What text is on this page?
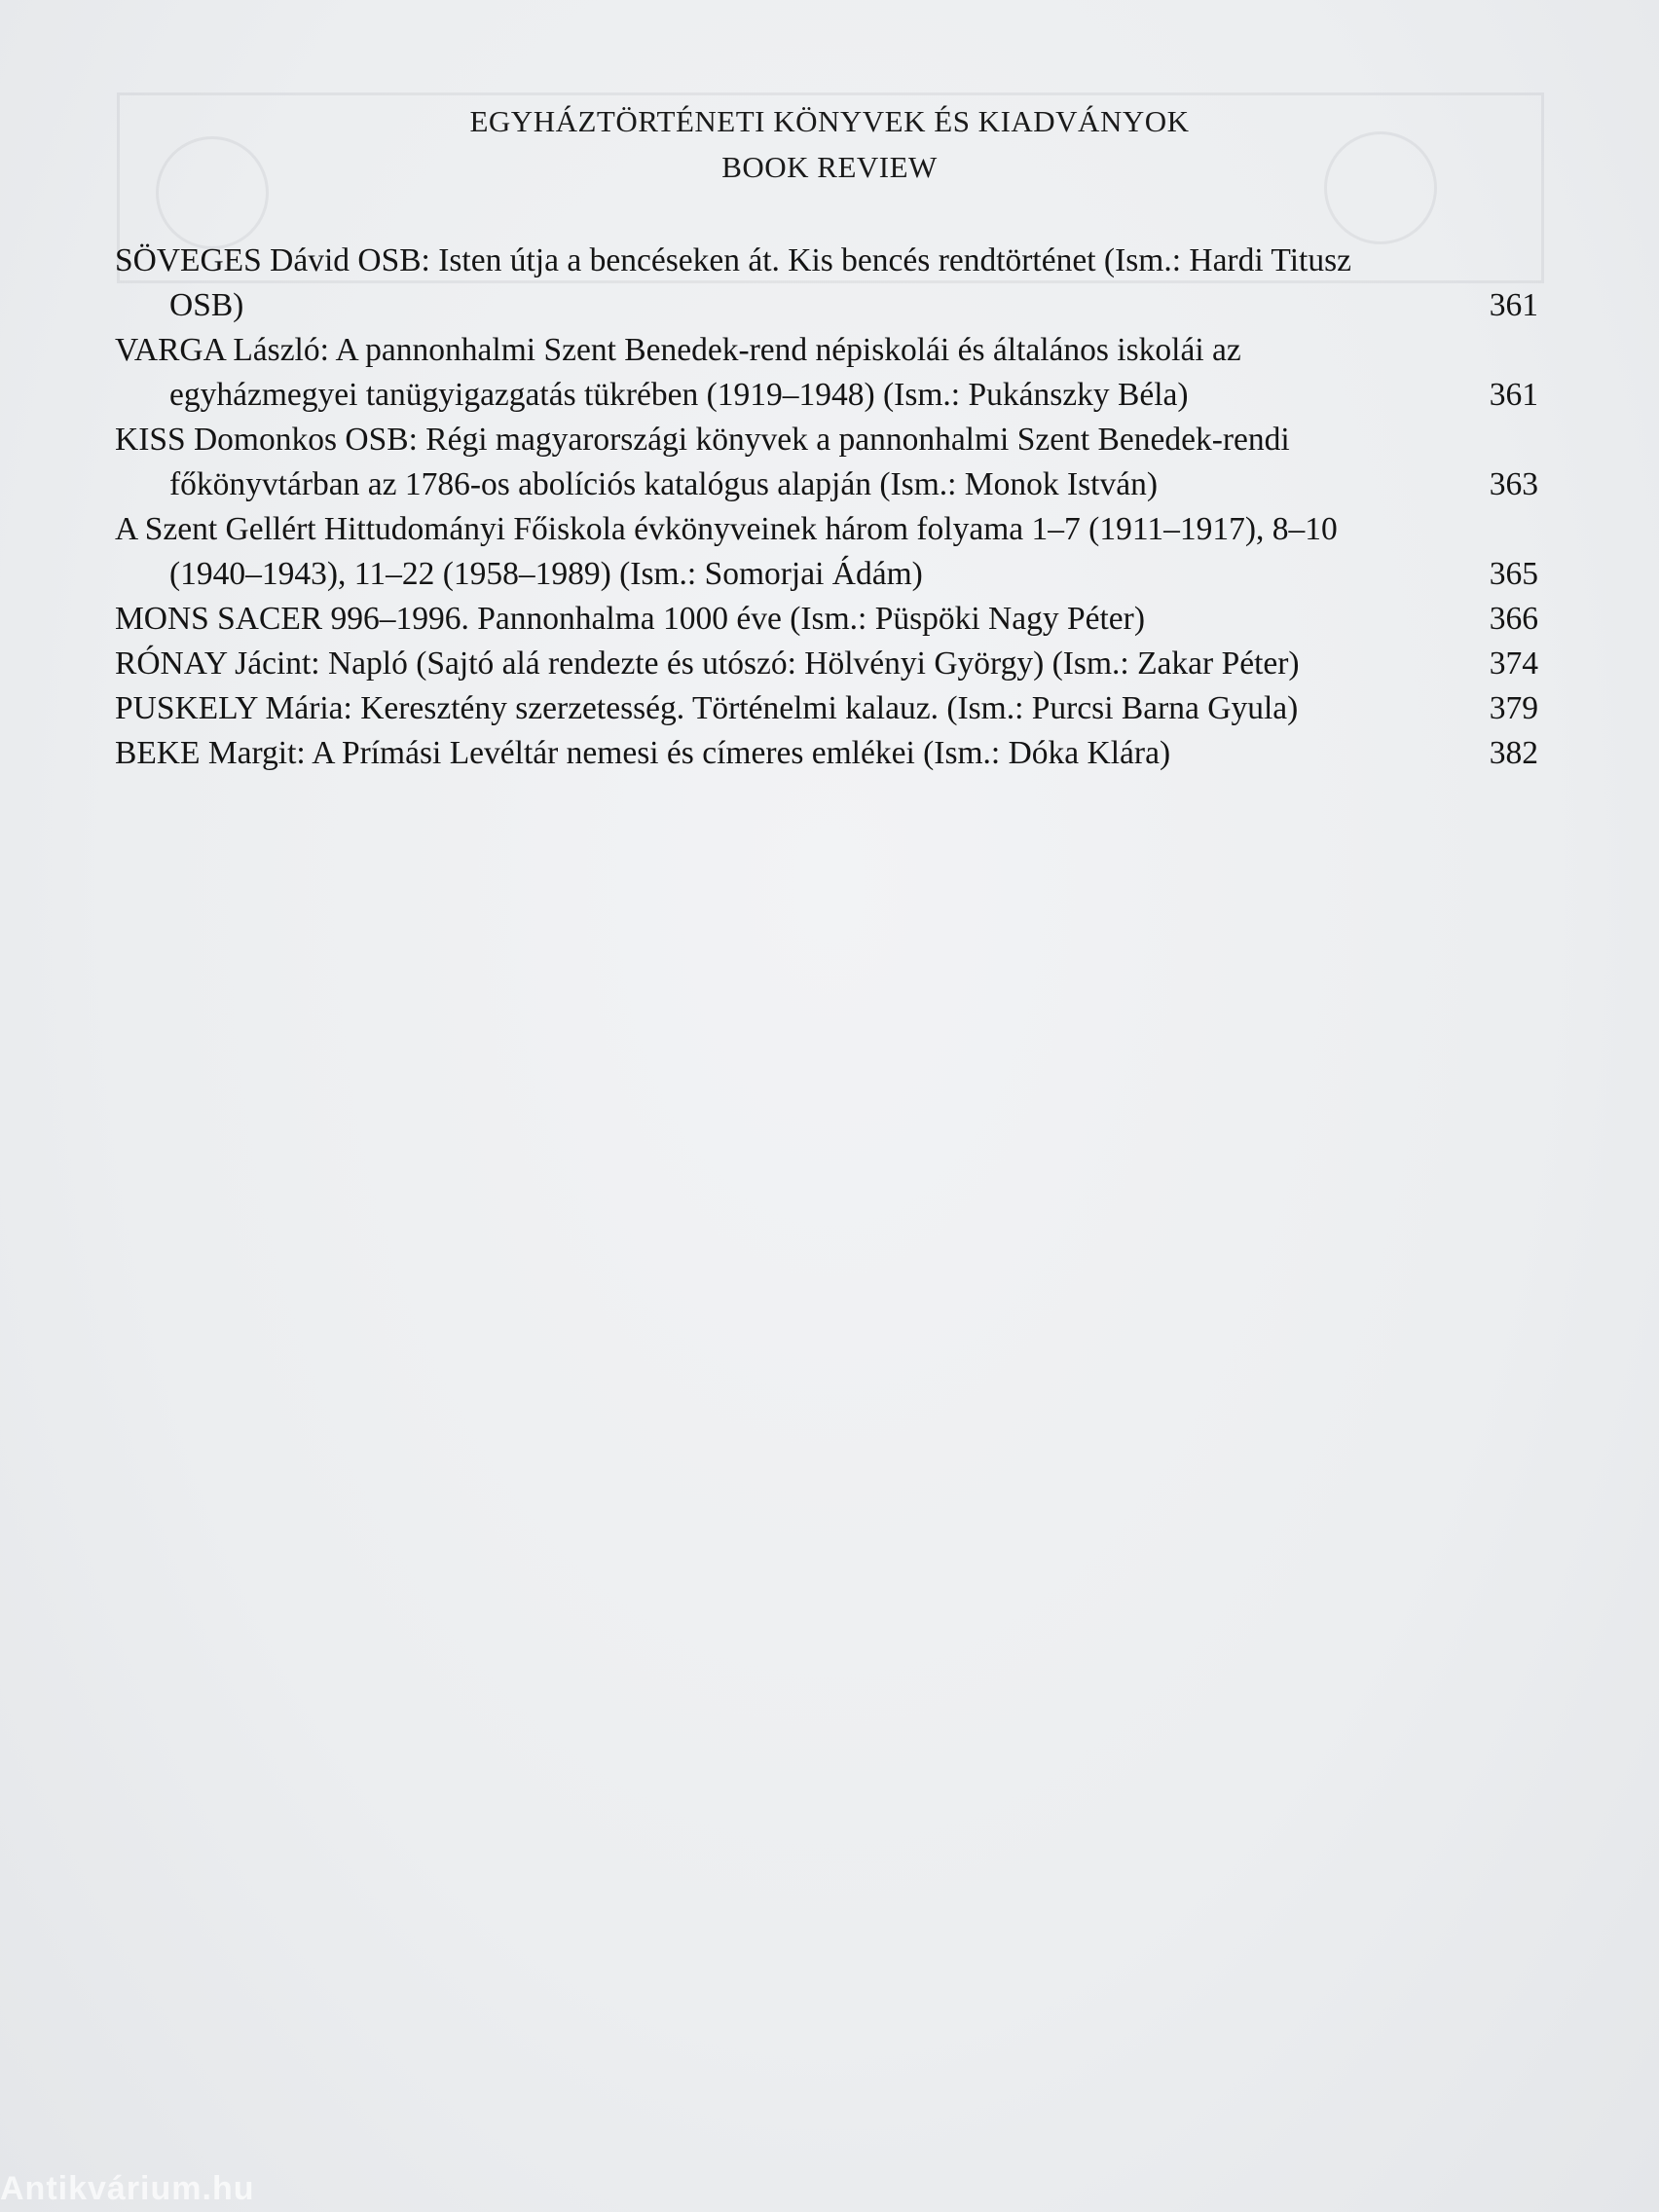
EGYHÁZTÖRTÉNETI KÖNYVEK ÉS KIADVÁNYOK
BOOK REVIEW
SÖVEGES Dávid OSB: Isten útja a bencéseken át. Kis bencés rendtörténet (Ism.: Hardi Titusz OSB)	361
VARGA László: A pannonhalmi Szent Benedek-rend népiskolái és általános iskolái az egyházmegyei tanügyigazgatás tükrében (1919–1948) (Ism.: Pukánszky Béla)	361
KISS Domonkos OSB: Régi magyarországi könyvek a pannonhalmi Szent Benedek-rendi főkönyvtárban az 1786-os abolíciós katalógus alapján (Ism.: Monok István)	363
A Szent Gellért Hittudományi Főiskola évkönyveinek három folyama 1–7 (1911–1917), 8–10 (1940–1943), 11–22 (1958–1989) (Ism.: Somorjai Ádám)	365
MONS SACER 996–1996. Pannonhalma 1000 éve (Ism.: Püspöki Nagy Péter)	366
RÓNAY Jácint: Napló (Sajtó alá rendezte és utószó: Hölvényi György) (Ism.: Zakar Péter)	374
PUSKELY Mária: Keresztény szerzetesség. Történelmi kalauz. (Ism.: Purcsi Barna Gyula)	379
BEKE Margit: A Prímási Levéltár nemesi és címeres emlékei (Ism.: Dóka Klára)	382
Antikvárium.hu
